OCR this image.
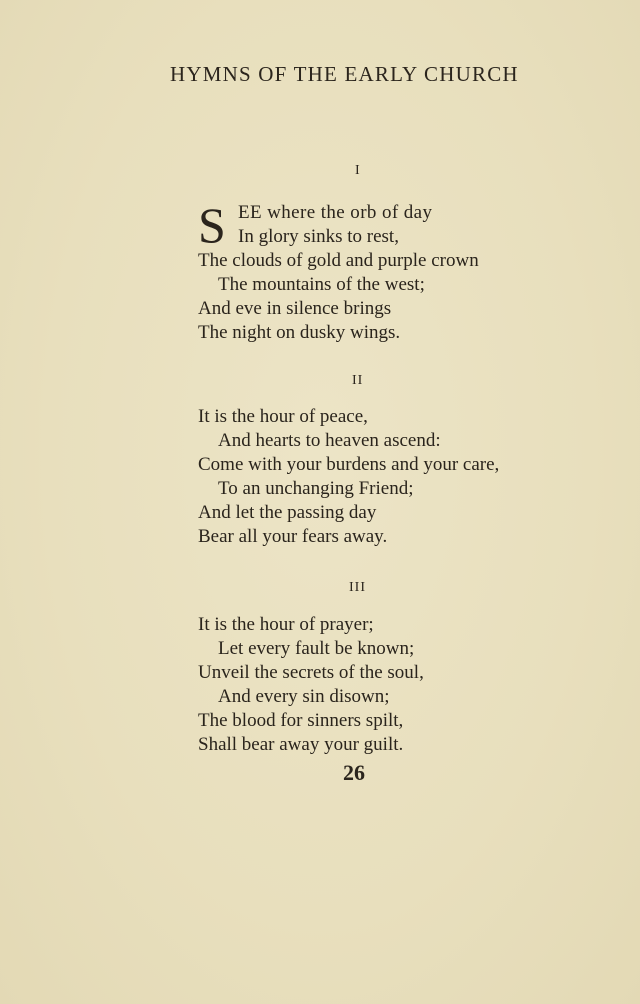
HYMNS OF THE EARLY CHURCH
I
S EE where the orb of day
In glory sinks to rest,
The clouds of gold and purple crown
The mountains of the west;
And eve in silence brings
The night on dusky wings.
II
It is the hour of peace,
And hearts to heaven ascend:
Come with your burdens and your care,
To an unchanging Friend;
And let the passing day
Bear all your fears away.
III
It is the hour of prayer;
Let every fault be known;
Unveil the secrets of the soul,
And every sin disown;
The blood for sinners spilt,
Shall bear away your guilt.
26
